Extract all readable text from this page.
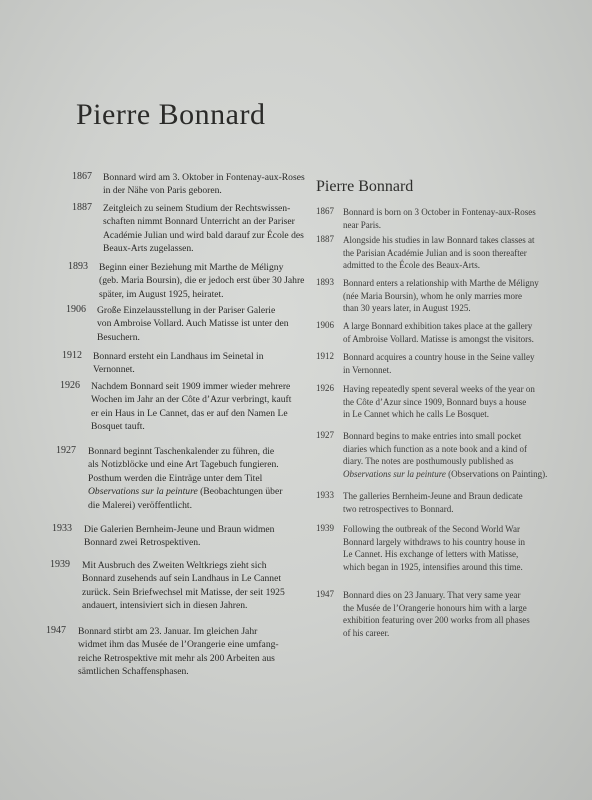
Pierre Bonnard
Pierre Bonnard
1867 Bonnard wird am 3. Oktober in Fontenay-aux-Roses
in der Nähe von Paris geboren.
1887 Zeitgleich zu seinem Studium der Rechtswissen-
schaften nimmt Bonnard Unterricht an der Pariser
Académie Julian und wird bald darauf zur École des
Beaux-Arts zugelassen.
1893 Beginn einer Beziehung mit Marthe de Méligny
(geb. Maria Boursin), die er jedoch erst über 30 Jahre
später, im August 1925, heiratet.
1906 Große Einzelausstellung in der Pariser Galerie
von Ambroise Vollard. Auch Matisse ist unter den
Besuchern.
1912 Bonnard ersteht ein Landhaus im Seinetal in
Vernonnet.
1926 Nachdem Bonnard seit 1909 immer wieder mehrere
Wochen im Jahr an der Côte d’Azur verbringt, kauft
er ein Haus in Le Cannet, das er auf den Namen Le
Bosquet tauft.
1927 Bonnard beginnt Taschenkalender zu führen, die
als Notizblöcke und eine Art Tagebuch fungieren.
Posthum werden die Einträge unter dem Titel
Observations sur la peinture (Beobachtungen über
die Malerei) veröffentlicht.
1933 Die Galerien Bernheim-Jeune und Braun widmen
Bonnard zwei Retrospektiven.
1939 Mit Ausbruch des Zweiten Weltkriegs zieht sich
Bonnard zusehends auf sein Landhaus in Le Cannet
zurück. Sein Briefwechsel mit Matisse, der seit 1925
andauert, intensiviert sich in diesen Jahren.
1947 Bonnard stirbt am 23. Januar. Im gleichen Jahr
widmet ihm das Musée de l’Orangerie eine umfang-
reiche Retrospektive mit mehr als 200 Arbeiten aus
sämtlichen Schaffensphasen.
1867 Bonnard is born on 3 October in Fontenay-aux-Roses
near Paris.
1887 Alongside his studies in law Bonnard takes classes at
the Parisian Académie Julian and is soon thereafter
admitted to the École des Beaux-Arts.
1893 Bonnard enters a relationship with Marthe de Méligny
(née Maria Boursin), whom he only marries more
than 30 years later, in August 1925.
1906 A large Bonnard exhibition takes place at the gallery
of Ambroise Vollard. Matisse is amongst the visitors.
1912 Bonnard acquires a country house in the Seine valley
in Vernonnet.
1926 Having repeatedly spent several weeks of the year on
the Côte d’Azur since 1909, Bonnard buys a house
in Le Cannet which he calls Le Bosquet.
1927 Bonnard begins to make entries into small pocket
diaries which function as a note book and a kind of
diary. The notes are posthumously published as
Observations sur la peinture (Observations on Painting).
1933 The galleries Bernheim-Jeune and Braun dedicate
two retrospectives to Bonnard.
1939 Following the outbreak of the Second World War
Bonnard largely withdraws to his country house in
Le Cannet. His exchange of letters with Matisse,
which began in 1925, intensifies around this time.
1947 Bonnard dies on 23 January. That very same year
the Musée de l’Orangerie honours him with a large
exhibition featuring over 200 works from all phases
of his career.
